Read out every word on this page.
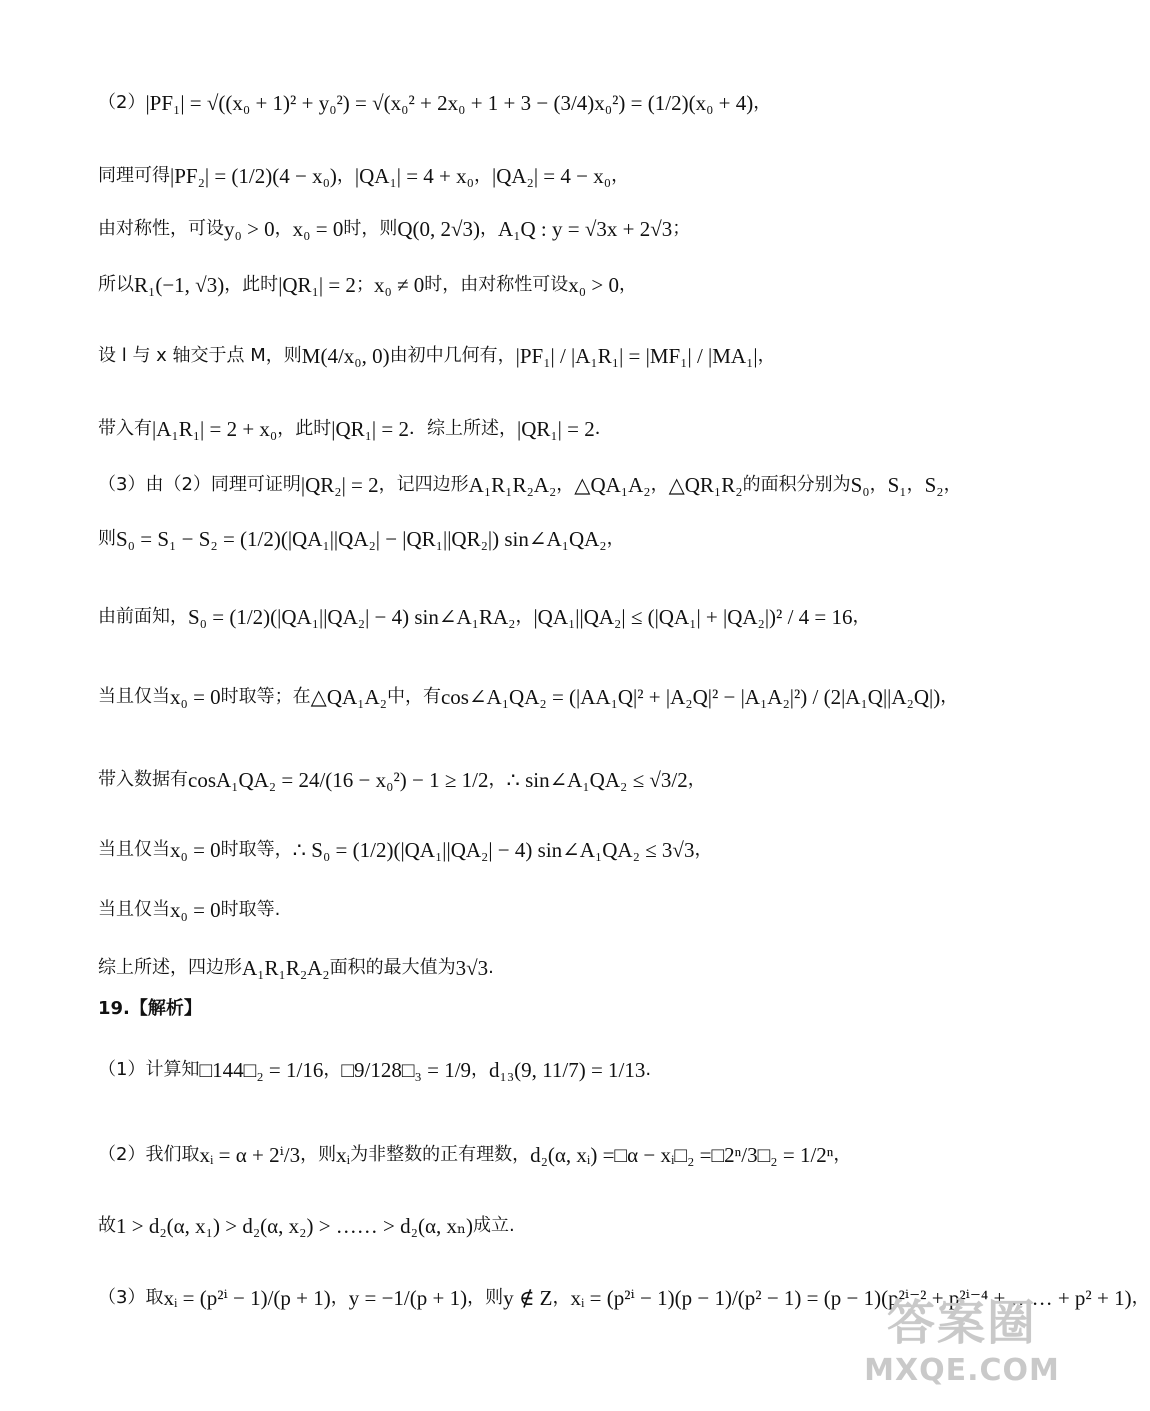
（2） |PF₁| = √((x₀ + 1)² + y₀²) = √(x₀² + 2x₀ + 1 + 3 − (3/4)x₀²) = (1/2)(x₀ + 4) ，
同理可得 |PF₂| = (1/2)(4 − x₀) ， |QA₁| = 4 + x₀ ， |QA₂| = 4 − x₀ ，
由对称性，可设 y₀ > 0 ， x₀ = 0 时，则 Q(0, 2√3) ， A₁Q : y = √3x + 2√3 ；
所以 R₁(−1, √3) ，此时 |QR₁| = 2 ； x₀ ≠ 0 时，由对称性可设 x₀ > 0 ，
设 l 与 x 轴交于点 M，则 M(4/x₀, 0) 由初中几何有， |PF₁| / |A₁R₁| = |MF₁| / |MA₁| ，
带入有 |A₁R₁| = 2 + x₀ ，此时 |QR₁| = 2 ．综上所述， |QR₁| = 2 ．
（3）由（2）同理可证明 |QR₂| = 2 ，记四边形 A₁R₁R₂A₂ ， △QA₁A₂ ， △QR₁R₂ 的面积分别为 S₀ ， S₁ ， S₂ ，
则 S₀ = S₁ − S₂ = (1/2)(|QA₁||QA₂| − |QR₁||QR₂|) sin∠A₁QA₂ ，
由前面知， S₀ = (1/2)(|QA₁||QA₂| − 4) sin∠A₁RA₂ ， |QA₁||QA₂| ≤ (|QA₁| + |QA₂|)² / 4 = 16 ，
当且仅当 x₀ = 0 时取等；在 △QA₁A₂ 中，有 cos∠A₁QA₂ = (|AA₁Q|² + |A₂Q|² − |A₁A₂|²) / (2|A₁Q||A₂Q|) ，
带入数据有 cosA₁QA₂ = 24/(16 − x₀²) − 1 ≥ 1/2 ， ∴ sin∠A₁QA₂ ≤ √3/2 ，
当且仅当 x₀ = 0 时取等， ∴ S₀ = (1/2)(|QA₁||QA₂| − 4) sin∠A₁QA₂ ≤ 3√3 ，
当且仅当 x₀ = 0 时取等.
综上所述，四边形 A₁R₁R₂A₂ 面积的最大值为 3√3 .
19.【解析】
（1）计算知 □144□₂ = 1/16 ， □9/128□₃ = 1/9 ， d₁₃(9, 11/7) = 1/13 .
（2）我们取 xᵢ = α + 2ⁱ/3 ，则 xᵢ 为非整数的正有理数， d₂(α, xᵢ) =□α − xᵢ□₂ =□2ⁿ/3□₂ = 1/2ⁿ ，
故 1 > d₂(α, x₁) > d₂(α, x₂) > …… > d₂(α, xₙ) 成立.
（3）取 xᵢ = (p²ⁱ − 1)/(p + 1) ， y = −1/(p + 1) ，则 y ∉ Z ， xᵢ = (p²ⁱ − 1)(p − 1)/(p² − 1) = (p − 1)(p²ⁱ⁻² + p²ⁱ⁻⁴ + …… + p² + 1) ，
答案圈
MXQE.COM
